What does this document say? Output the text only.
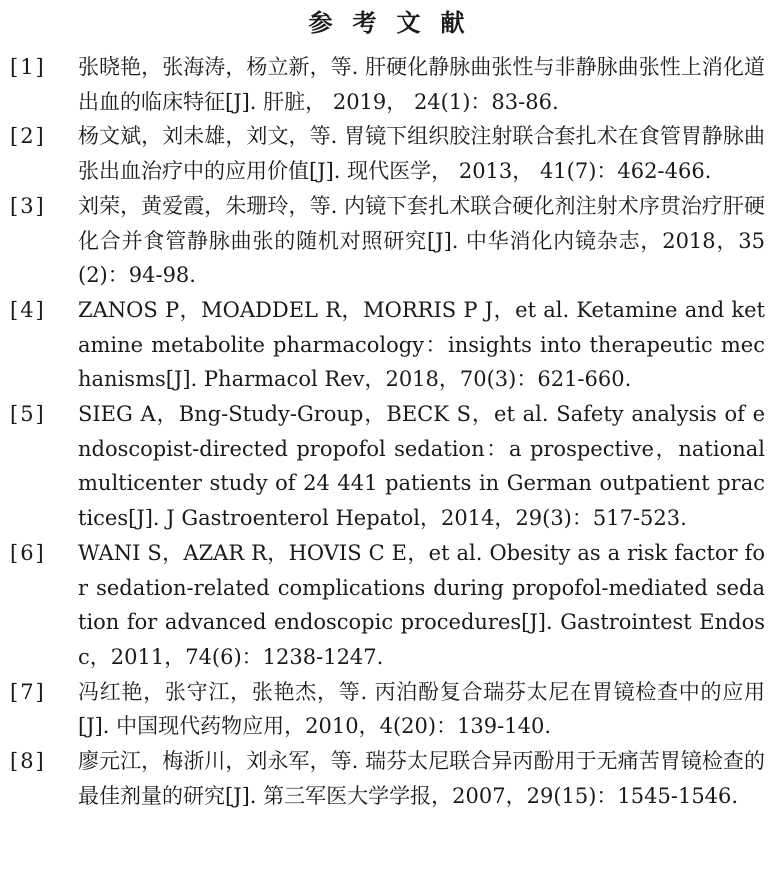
参考文献
[1]	张晓艳，张海涛，杨立新，等. 肝硬化静脉曲张性与非静脉曲张性上消化道出血的临床特征[J]. 肝脏， 2019， 24(1)：83-86.
[2]	杨文斌，刘未雄，刘文，等. 胃镜下组织胶注射联合套扎术在食管胃静脉曲张出血治疗中的应用价值[J]. 现代医学， 2013， 41(7)：462-466.
[3]	刘荣，黄爱霞，朱珊玲，等. 内镜下套扎术联合硬化剂注射术序贯治疗肝硬化合并食管静脉曲张的随机对照研究[J]. 中华消化内镜杂志，2018，35(2)：94-98.
[4]	ZANOS P，MOADDEL R，MORRIS P J，et al. Ketamine and ketamine metabolite pharmacology：insights into therapeutic mechanisms[J]. Pharmacol Rev，2018，70(3)：621-660.
[5]	SIEG A，Bng-Study-Group，BECK S，et al. Safety analysis of endoscopist-directed propofol sedation：a prospective，national multicenter study of 24 441 patients in German outpatient practices[J]. J Gastroenterol Hepatol，2014，29(3)：517-523.
[6]	WANI S，AZAR R，HOVIS C E，et al. Obesity as a risk factor for sedation-related complications during propofol-mediated sedation for advanced endoscopic procedures[J]. Gastrointest Endosc，2011，74(6)：1238-1247.
[7]	冯红艳，张守江，张艳杰，等. 丙泊酚复合瑞芬太尼在胃镜检查中的应用[J]. 中国现代药物应用，2010，4(20)：139-140.
[8]	廖元江，梅浙川，刘永军，等. 瑞芬太尼联合异丙酚用于无痛苦胃镜检查的最佳剂量的研究[J]. 第三军医大学学报，2007，29(15)：1545-1546.
